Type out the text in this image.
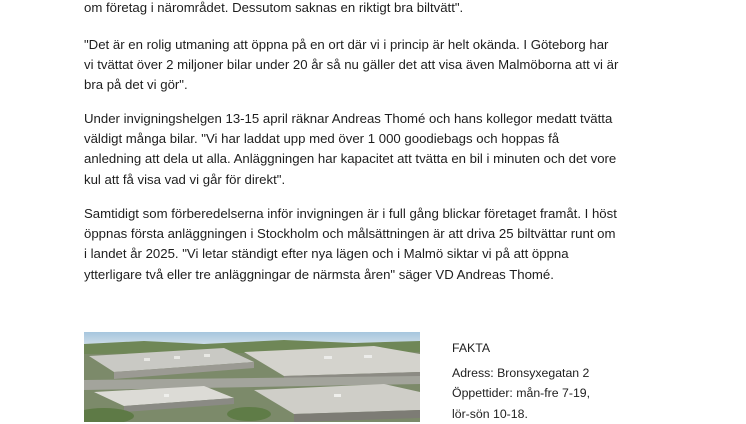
om företag i närområdet. Dessutom saknas en riktigt bra biltvätt".

"Det är en rolig utmaning att öppna på en ort där vi i princip är helt okända. I Göteborg har
vi tvättat över 2 miljoner bilar under 20 år så nu gäller det att visa även Malmöborna att vi är
bra på det vi gör".

Under invigningshelgen 13-15 april räknar Andreas Thomé och hans kollegor medatt tvätta
väldigt många bilar. "Vi har laddat upp med över 1 000 goodiebags och hoppas få
anledning att dela ut alla. Anläggningen har kapacitet att tvätta en bil i minuten och det vore
kul att få visa vad vi går för direkt".

Samtidigt som förberedelserna inför invigningen är i full gång blickar företaget framåt. I höst
öppnas första anläggningen i Stockholm och målsättningen är att driva 25 biltvättar runt om
i landet år 2025. "Vi letar ständigt efter nya lägen och i Malmö siktar vi på att öppna
ytterligare två eller tre anläggningar de närmsta åren" säger VD Andreas Thomé.

FAKTA
Adress: Bronsyxegatan 2
Öppettider: mån-fre 7-19,
lör-sön 10-18.
